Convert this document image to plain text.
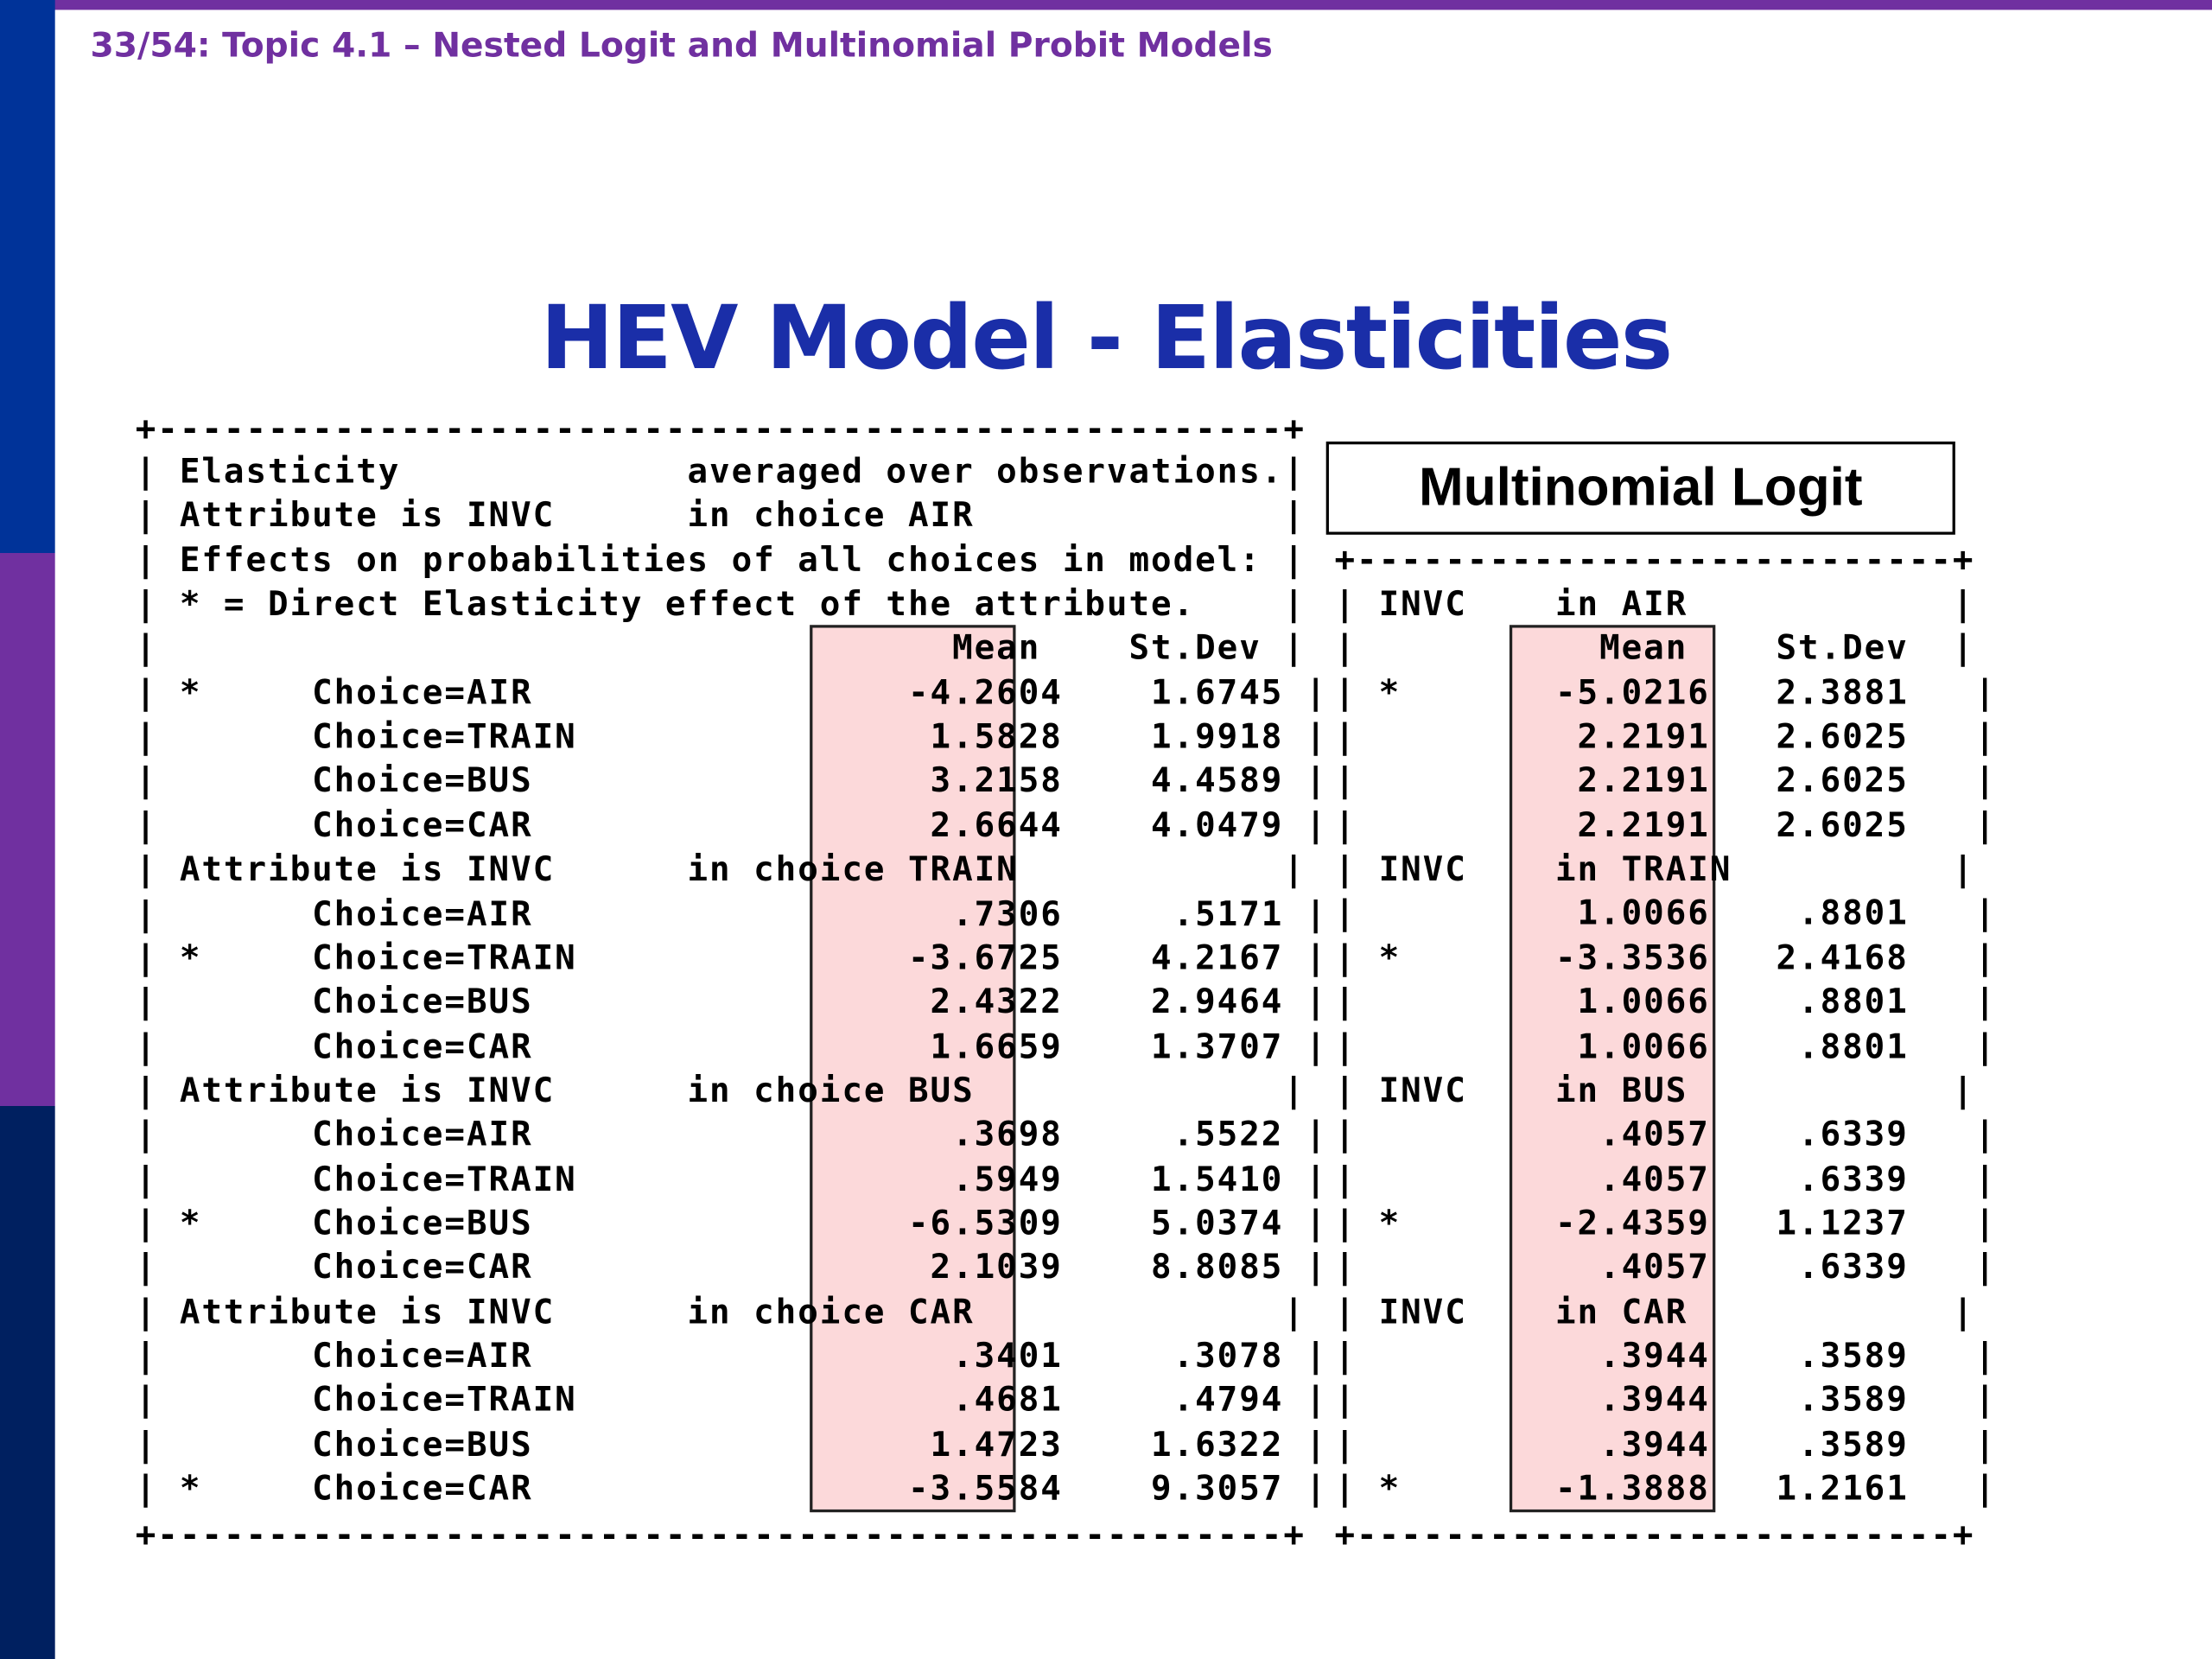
33/54: Topic 4.1 – Nested Logit and Multinomial Probit Models
HEV Model - Elasticities
+---------------------------------------------------+
| Elasticity             averaged over observations.|
| Attribute is INVC      in choice AIR              |
| Effects on probabilities of all choices in model: |
| * = Direct Elasticity effect of the attribute.    |
|                                    Mean    St.Dev |
| *     Choice=AIR                 -4.2604    1.6745 |
|       Choice=TRAIN                1.5828    1.9918 |
|       Choice=BUS                  3.2158    4.4589 |
|       Choice=CAR                  2.6644    4.0479 |
| Attribute is INVC      in choice TRAIN            |
|       Choice=AIR                   .7306     .5171 |
| *     Choice=TRAIN               -3.6725    4.2167 |
|       Choice=BUS                  2.4322    2.9464 |
|       Choice=CAR                  1.6659    1.3707 |
| Attribute is INVC      in choice BUS              |
|       Choice=AIR                   .3698     .5522 |
|       Choice=TRAIN                 .5949    1.5410 |
| *     Choice=BUS                 -6.5309    5.0374 |
|       Choice=CAR                  2.1039    8.8085 |
| Attribute is INVC      in choice CAR              |
|       Choice=AIR                   .3401     .3078 |
|       Choice=TRAIN                 .4681     .4794 |
|       Choice=BUS                  1.4723    1.6322 |
| *     Choice=CAR                 -3.5584    9.3057 |
+---------------------------------------------------+
Multinomial Logit
+---------------------------+
| INVC    in AIR            |
|           Mean    St.Dev  |
| *       -5.0216   2.3881   |
|          2.2191   2.6025   |
|          2.2191   2.6025   |
|          2.2191   2.6025   |
| INVC    in TRAIN          |
|          1.0066    .8801   |
| *       -3.3536   2.4168   |
|          1.0066    .8801   |
|          1.0066    .8801   |
| INVC    in BUS            |
|           .4057    .6339   |
|           .4057    .6339   |
| *       -2.4359   1.1237   |
|           .4057    .6339   |
| INVC    in CAR            |
|           .3944    .3589   |
|           .3944    .3589   |
|           .3944    .3589   |
| *       -1.3888   1.2161   |
+---------------------------+
